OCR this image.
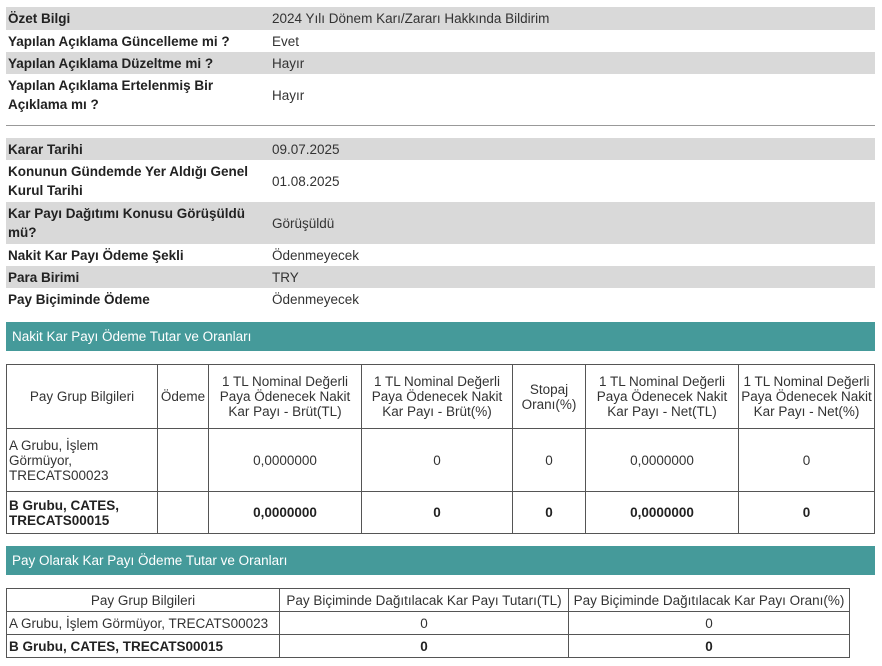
Özet Bilgi	2024 Yılı Dönem Karı/Zararı Hakkında Bildirim
Yapılan Açıklama Güncelleme mi ?	Evet
Yapılan Açıklama Düzeltme mi ?	Hayır
Yapılan Açıklama Ertelenmiş Bir Açıklama mı ?	Hayır
Karar Tarihi	09.07.2025
Konunun Gündemde Yer Aldığı Genel Kurul Tarihi	01.08.2025
Kar Payı Dağıtımı Konusu Görüşüldü mü?	Görüşüldü
Nakit Kar Payı Ödeme Şekli	Ödenmeyecek
Para Birimi	TRY
Pay Biçiminde Ödeme	Ödenmeyecek
Nakit Kar Payı Ödeme Tutar ve Oranları
Pay Grup Bilgileri	Ödeme	1 TL Nominal Değerli Paya Ödenecek Nakit Kar Payı - Brüt(TL)	1 TL Nominal Değerli Paya Ödenecek Nakit Kar Payı - Brüt(%)	Stopaj Oranı(%)	1 TL Nominal Değerli Paya Ödenecek Nakit Kar Payı - Net(TL)	1 TL Nominal Değerli Paya Ödenecek Nakit Kar Payı - Net(%)
A Grubu, İşlem Görmüyor, TRECATS00023		0,0000000	0	0	0,0000000	0
B Grubu, CATES, TRECATS00015		0,0000000	0	0	0,0000000	0
Pay Olarak Kar Payı Ödeme Tutar ve Oranları
Pay Grup Bilgileri	Pay Biçiminde Dağıtılacak Kar Payı Tutarı(TL)	Pay Biçiminde Dağıtılacak Kar Payı Oranı(%)
A Grubu, İşlem Görmüyor, TRECATS00023	0	0
B Grubu, CATES, TRECATS00015	0	0
